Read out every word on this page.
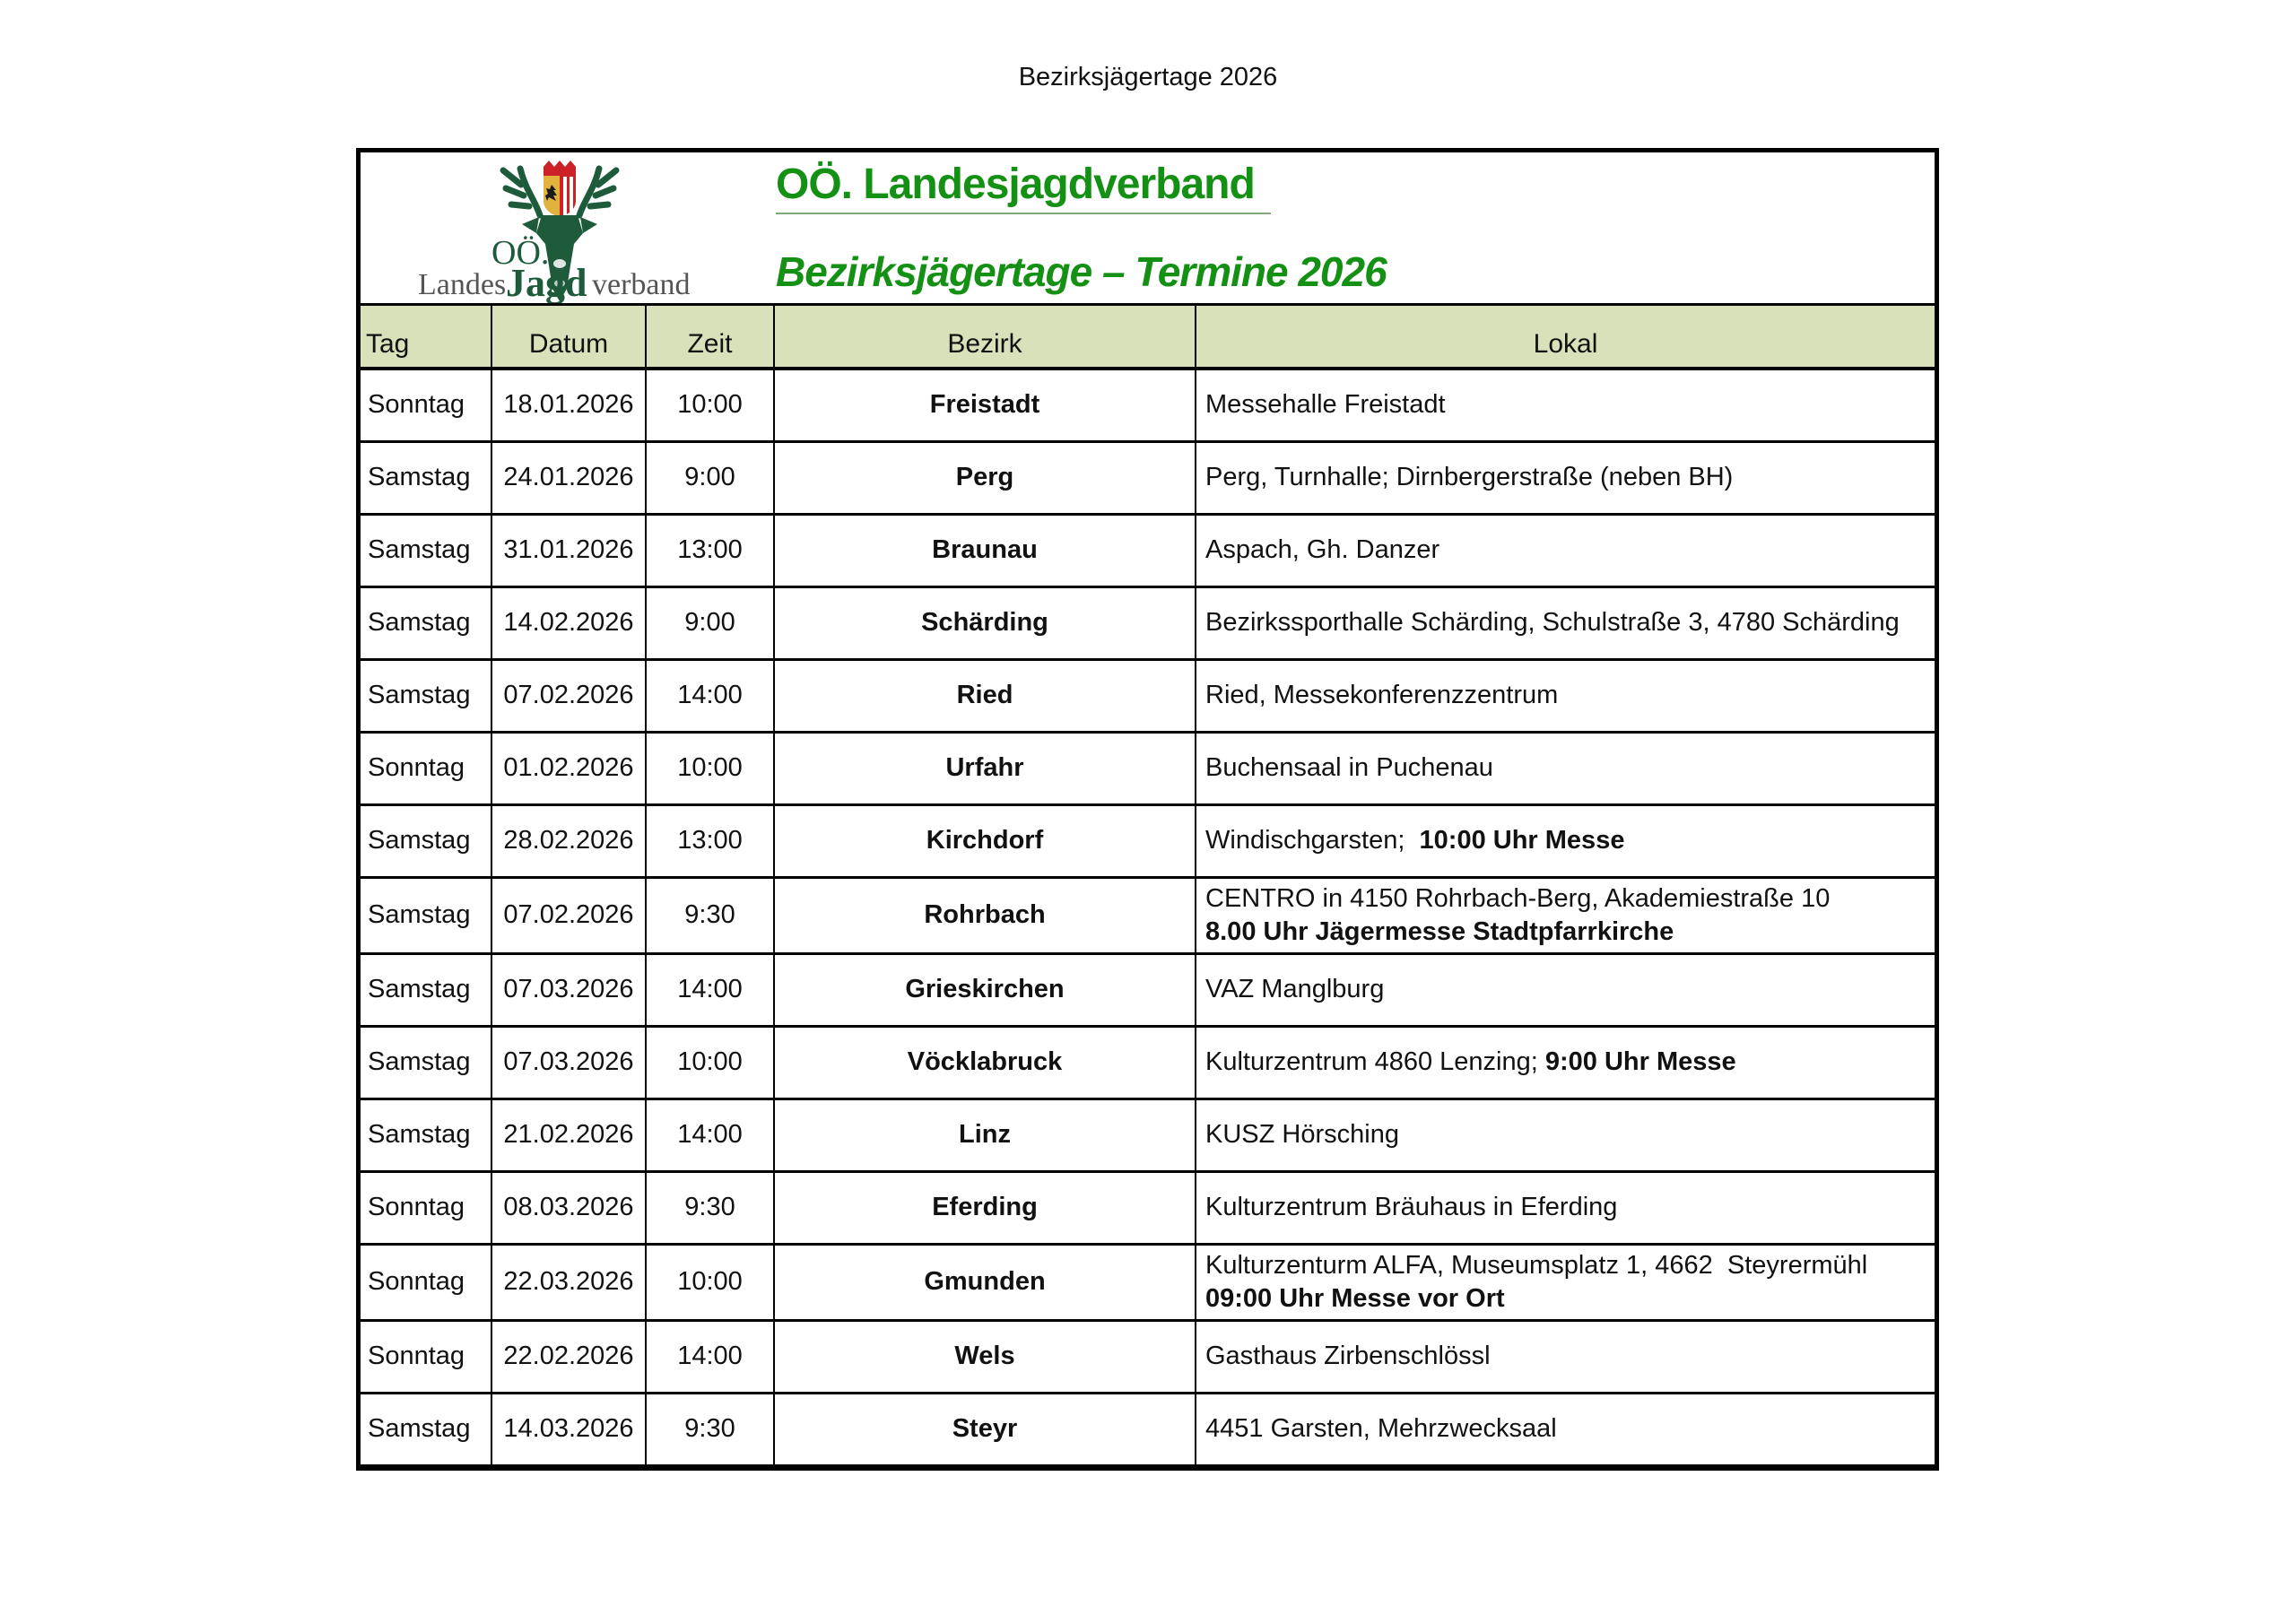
Bezirksjägertage 2026
OÖ.
Landes Jagd verband
OÖ. Landesjagdverband
Bezirksjägertage – Termine 2026
Tag	Datum	Zeit	Bezirk	Lokal
Sonntag	18.01.2026	10:00	Freistadt	Messehalle Freistadt

Samstag	24.01.2026	9:00	Perg	Perg, Turnhalle; Dirnbergerstraße (neben BH)

Samstag	31.01.2026	13:00	Braunau	Aspach, Gh. Danzer

Samstag	14.02.2026	9:00	Schärding	Bezirkssporthalle Schärding, Schulstraße 3, 4780 Schärding

Samstag	07.02.2026	14:00	Ried	Ried, Messekonferenzzentrum

Sonntag	01.02.2026	10:00	Urfahr	Buchensaal in Puchenau

Samstag	28.02.2026	13:00	Kirchdorf	Windischgarsten;  10:00 Uhr Messe

Samstag	07.02.2026	9:30	Rohrbach	CENTRO in 4150 Rohrbach-Berg, Akademiestraße 10
8.00 Uhr Jägermesse Stadtpfarrkirche

Samstag	07.03.2026	14:00	Grieskirchen	VAZ Manglburg

Samstag	07.03.2026	10:00	Vöcklabruck	Kulturzentrum 4860 Lenzing; 9:00 Uhr Messe

Samstag	21.02.2026	14:00	Linz	KUSZ Hörsching

Sonntag	08.03.2026	9:30	Eferding	Kulturzentrum Bräuhaus in Eferding

Sonntag	22.03.2026	10:00	Gmunden	Kulturzenturm ALFA, Museumsplatz 1, 4662  Steyrermühl
09:00 Uhr Messe vor Ort

Sonntag	22.02.2026	14:00	Wels	Gasthaus Zirbenschlössl

Samstag	14.03.2026	9:30	Steyr	4451 Garsten, Mehrzwecksaal
